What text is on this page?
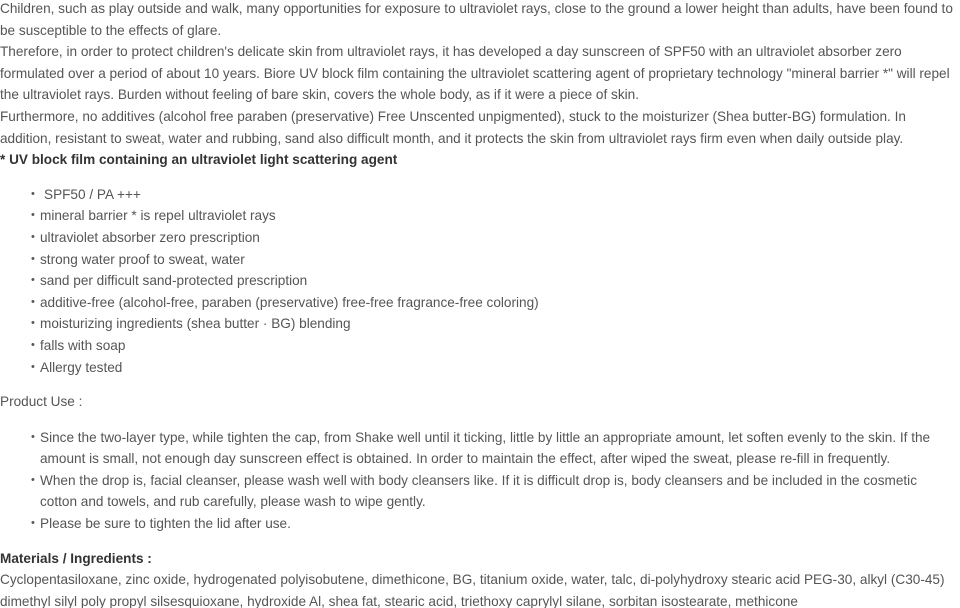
Children, such as play outside and walk, many opportunities for exposure to ultraviolet rays, close to the ground a lower height than adults, have been found to be susceptible to the effects of glare.

Therefore, in order to protect children's delicate skin from ultraviolet rays, it has developed a day sunscreen of SPF50 with an ultraviolet absorber zero formulated over a period of about 10 years. Biore UV block film containing the ultraviolet scattering agent of proprietary technology "mineral barrier *" will repel the ultraviolet rays. Burden without feeling of bare skin, covers the whole body, as if it were a piece of skin.

Furthermore, no additives (alcohol free paraben (preservative) Free Unscented unpigmented), stuck to the moisturizer (Shea butter-BG) formulation. In addition, resistant to sweat, water and rubbing, sand also difficult month, and it protects the skin from ultraviolet rays firm even when daily outside play.

* UV block film containing an ultraviolet light scattering agent

• SPF50 / PA +++
• mineral barrier * is repel ultraviolet rays
• ultraviolet absorber zero prescription
• strong water proof to sweat, water
• sand per difficult sand-protected prescription
• additive-free (alcohol-free, paraben (preservative) free-free fragrance-free coloring)
• moisturizing ingredients (shea butter · BG) blending
• falls with soap
• Allergy tested
Product Use :
• Since the two-layer type, while tighten the cap, from Shake well until it ticking, little by little an appropriate amount, let soften evenly to the skin. If the amount is small, not enough day sunscreen effect is obtained. In order to maintain the effect, after wiped the sweat, please re-fill in frequently.
• When the drop is, facial cleanser, please wash well with body cleansers like. If it is difficult drop is, body cleansers and be included in the cosmetic cotton and towels, and rub carefully, please wash to wipe gently.
• Please be sure to tighten the lid after use.
Materials / Ingredients :

Cyclopentasiloxane, zinc oxide, hydrogenated polyisobutene, dimethicone, BG, titanium oxide, water, talc, di-polyhydroxy stearic acid PEG-30, alkyl (C30-45) dimethyl silyl poly propyl silsesquioxane, hydroxide Al, shea fat, stearic acid, triethoxy caprylyl silane, sorbitan isostearate, methicone
